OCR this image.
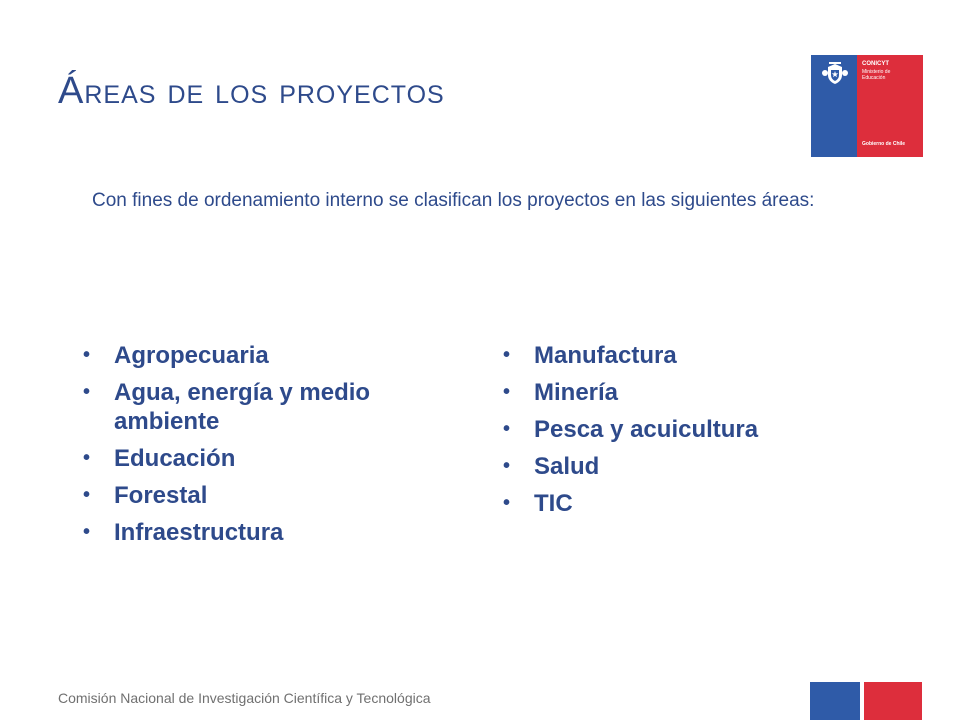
Áreas de los proyectos
CONICYT
Ministerio de
Educación
Gobierno de Chile
Con fines de ordenamiento interno se clasifican los proyectos en las siguientes áreas:
• Agropecuaria
• Agua, energía y medio ambiente
• Educación
• Forestal
• Infraestructura
• Manufactura
• Minería
• Pesca y acuicultura
• Salud
• TIC
Comisión Nacional de Investigación Científica y Tecnológica
